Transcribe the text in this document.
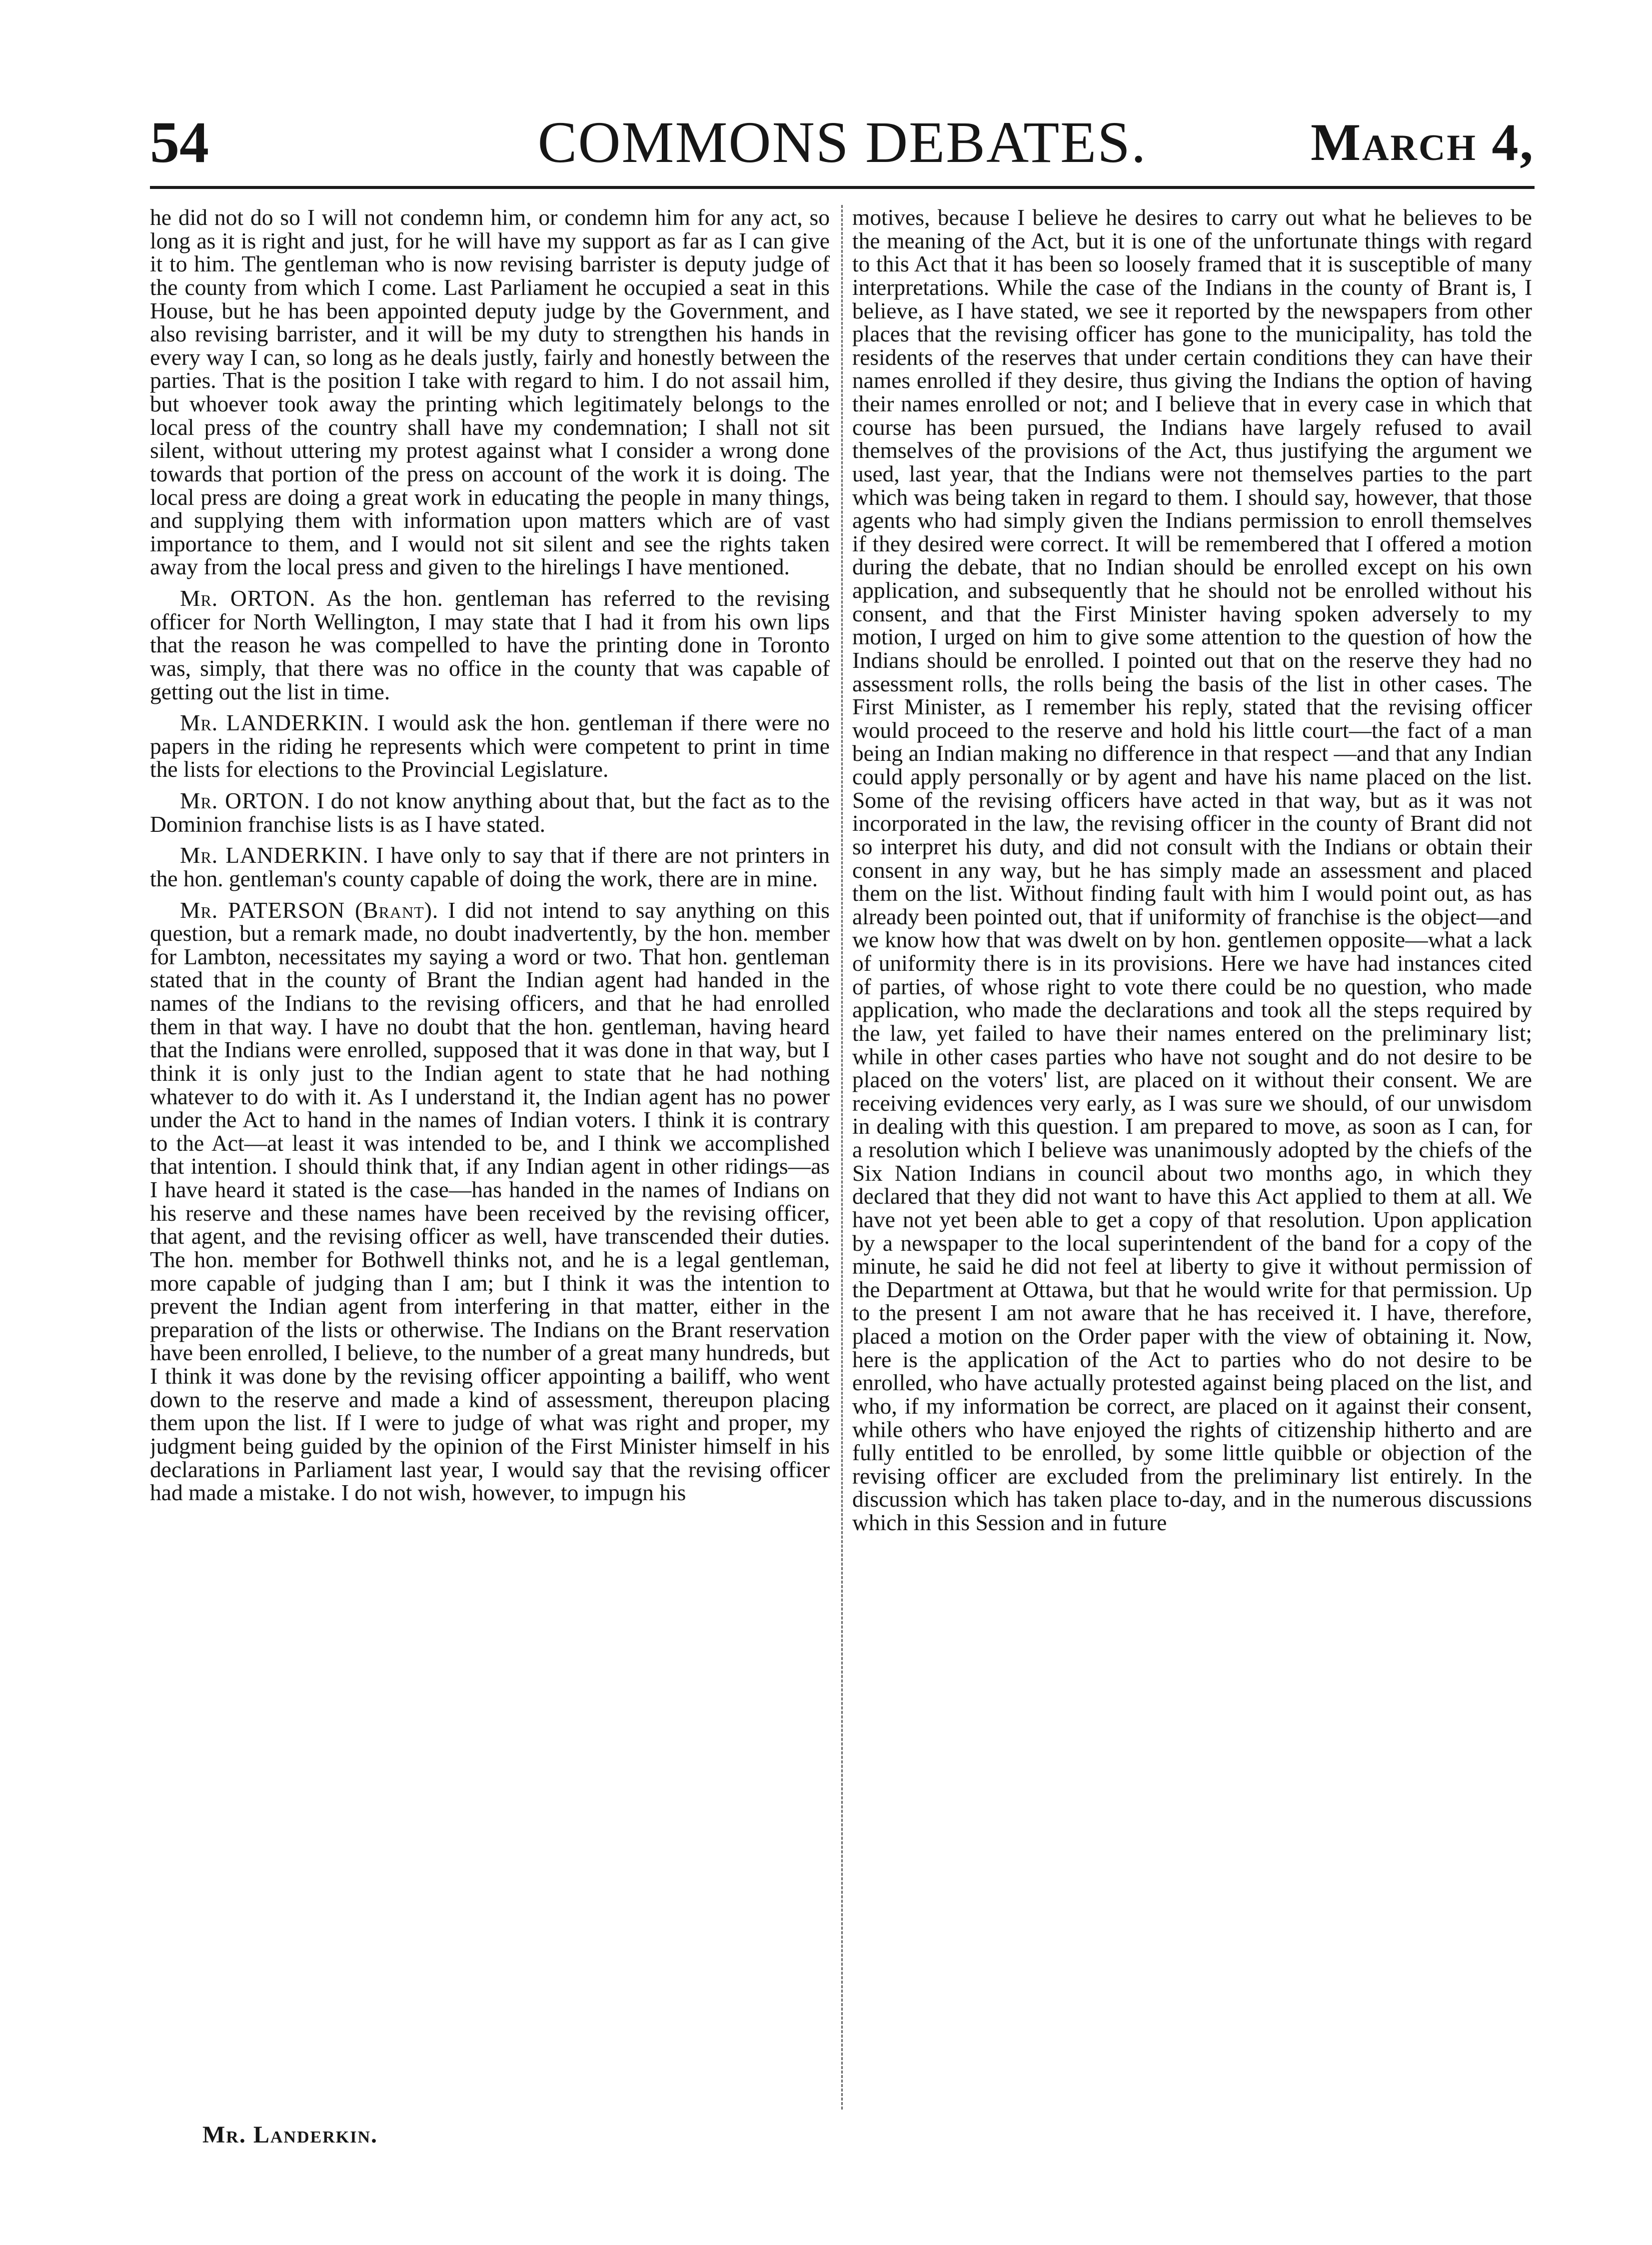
54	COMMONS DEBATES.	March 4,

he did not do so I will not condemn him, or condemn him for any act, so long as it is right and just, for he will have my support as far as I can give it to him. The gentleman who is now revising barrister is deputy judge of the county from which I come. Last Parliament he occupied a seat in this House, but he has been appointed deputy judge by the Government, and also revising barrister, and it will be my duty to strengthen his hands in every way I can, so long as he deals justly, fairly and honestly between the parties. That is the position I take with regard to him. I do not assail him, but whoever took away the printing which legitimately belongs to the local press of the country shall have my condemnation; I shall not sit silent, without uttering my protest against what I consider a wrong done towards that portion of the press on account of the work it is doing. The local press are doing a great work in educating the people in many things, and supplying them with information upon matters which are of vast importance to them, and I would not sit silent and see the rights taken away from the local press and given to the hirelings I have mentioned.

Mr. ORTON. As the hon. gentleman has referred to the revising officer for North Wellington, I may state that I had it from his own lips that the reason he was compelled to have the printing done in Toronto was, simply, that there was no office in the county that was capable of getting out the list in time.

Mr. LANDERKIN. I would ask the hon. gentleman if there were no papers in the riding he represents which were competent to print in time the lists for elections to the Provincial Legislature.

Mr. ORTON. I do not know anything about that, but the fact as to the Dominion franchise lists is as I have stated.

Mr. LANDERKIN. I have only to say that if there are not printers in the hon. gentleman's county capable of doing the work, there are in mine.

Mr. PATERSON (Brant). I did not intend to say anything on this question, but a remark made, no doubt inadvertently, by the hon. member for Lambton, necessitates my saying a word or two. That hon. gentleman stated that in the county of Brant the Indian agent had handed in the names of the Indians to the revising officers, and that he had enrolled them in that way. I have no doubt that the hon. gentleman, having heard that the Indians were enrolled, supposed that it was done in that way, but I think it is only just to the Indian agent to state that he had nothing whatever to do with it. As I understand it, the Indian agent has no power under the Act to hand in the names of Indian voters. I think it is contrary to the Act—at least it was intended to be, and I think we accomplished that intention. I should think that, if any Indian agent in other ridings—as I have heard it stated is the case—has handed in the names of Indians on his reserve and these names have been received by the revising officer, that agent, and the revising officer as well, have transcended their duties. The hon. member for Bothwell thinks not, and he is a legal gentleman, more capable of judging than I am; but I think it was the intention to prevent the Indian agent from interfering in that matter, either in the preparation of the lists or otherwise. The Indians on the Brant reservation have been enrolled, I believe, to the number of a great many hundreds, but I think it was done by the revising officer appointing a bailiff, who went down to the reserve and made a kind of assessment, thereupon placing them upon the list. If I were to judge of what was right and proper, my judgment being guided by the opinion of the First Minister himself in his declarations in Parliament last year, I would say that the revising officer had made a mistake. I do not wish, however, to impugn his

motives, because I believe he desires to carry out what he believes to be the meaning of the Act, but it is one of the unfortunate things with regard to this Act that it has been so loosely framed that it is susceptible of many interpretations. While the case of the Indians in the county of Brant is, I believe, as I have stated, we see it reported by the newspapers from other places that the revising officer has gone to the municipality, has told the residents of the reserves that under certain conditions they can have their names enrolled if they desire, thus giving the Indians the option of having their names enrolled or not; and I believe that in every case in which that course has been pursued, the Indians have largely refused to avail themselves of the provisions of the Act, thus justifying the argument we used, last year, that the Indians were not themselves parties to the part which was being taken in regard to them. I should say, however, that those agents who had simply given the Indians permission to enroll themselves if they desired were correct. It will be remembered that I offered a motion during the debate, that no Indian should be enrolled except on his own application, and subsequently that he should not be enrolled without his consent, and that the First Minister having spoken adversely to my motion, I urged on him to give some attention to the question of how the Indians should be enrolled. I pointed out that on the reserve they had no assessment rolls, the rolls being the basis of the list in other cases. The First Minister, as I remember his reply, stated that the revising officer would proceed to the reserve and hold his little court—the fact of a man being an Indian making no difference in that respect —and that any Indian could apply personally or by agent and have his name placed on the list. Some of the revising officers have acted in that way, but as it was not incorporated in the law, the revising officer in the county of Brant did not so interpret his duty, and did not consult with the Indians or obtain their consent in any way, but he has simply made an assessment and placed them on the list. Without finding fault with him I would point out, as has already been pointed out, that if uniformity of franchise is the object—and we know how that was dwelt on by hon. gentlemen opposite—what a lack of uniformity there is in its provisions. Here we have had instances cited of parties, of whose right to vote there could be no question, who made application, who made the declarations and took all the steps required by the law, yet failed to have their names entered on the preliminary list; while in other cases parties who have not sought and do not desire to be placed on the voters' list, are placed on it without their consent. We are receiving evidences very early, as I was sure we should, of our unwisdom in dealing with this question. I am prepared to move, as soon as I can, for a resolution which I believe was unanimously adopted by the chiefs of the Six Nation Indians in council about two months ago, in which they declared that they did not want to have this Act applied to them at all. We have not yet been able to get a copy of that resolution. Upon application by a newspaper to the local superintendent of the band for a copy of the minute, he said he did not feel at liberty to give it without permission of the Department at Ottawa, but that he would write for that permission. Up to the present I am not aware that he has received it. I have, therefore, placed a motion on the Order paper with the view of obtaining it. Now, here is the application of the Act to parties who do not desire to be enrolled, who have actually protested against being placed on the list, and who, if my information be correct, are placed on it against their consent, while others who have enjoyed the rights of citizenship hitherto and are fully entitled to be enrolled, by some little quibble or objection of the revising officer are excluded from the preliminary list entirely. In the discussion which has taken place to-day, and in the numerous discussions which in this Session and in future

Mr. Landerkin.
